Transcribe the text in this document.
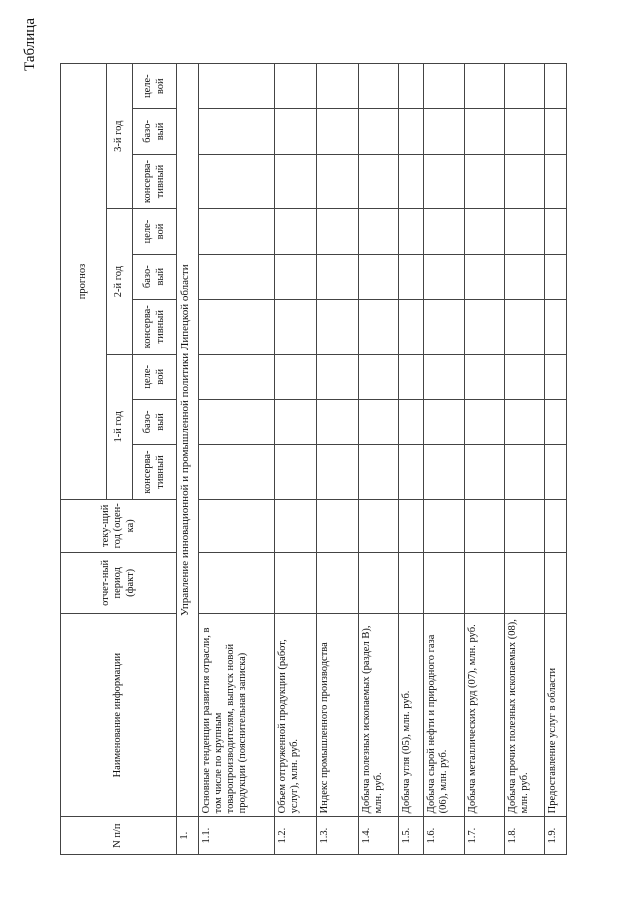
Таблица
N п/п	Наименование информации	отчет-ный период (факт)	теку-щий год (оцен-ка)	прогноз								
				1-й год			2-й год			3-й год		
				консерва-тивный	базо-вый	целе-вой	консерва-тивный	базо-вый	целе-вой	консерва-тивный	базо-вый	целе-вой
1.	Управление инновационной и промышленной политики Липецкой области											
1.1.	Основные тенденции развития отрасли, в том числе по крупным товаропроизводителям, выпуск новой продукции (пояснительная записка)											
1.2.	Объем отгруженной продукции (работ, услуг), млн. руб.											
1.3.	Индекс промышленного производства											
1.4.	Добыча полезных ископаемых (раздел B), млн. руб.											
1.5.	Добыча угля (05), млн. руб.											
1.6.	Добыча сырой нефти и природного газа (06), млн. руб.											
1.7.	Добыча металлических руд (07), млн. руб.											
1.8.	Добыча прочих полезных ископаемых (08), млн. руб.											
1.9.	Предоставление услуг в области											
